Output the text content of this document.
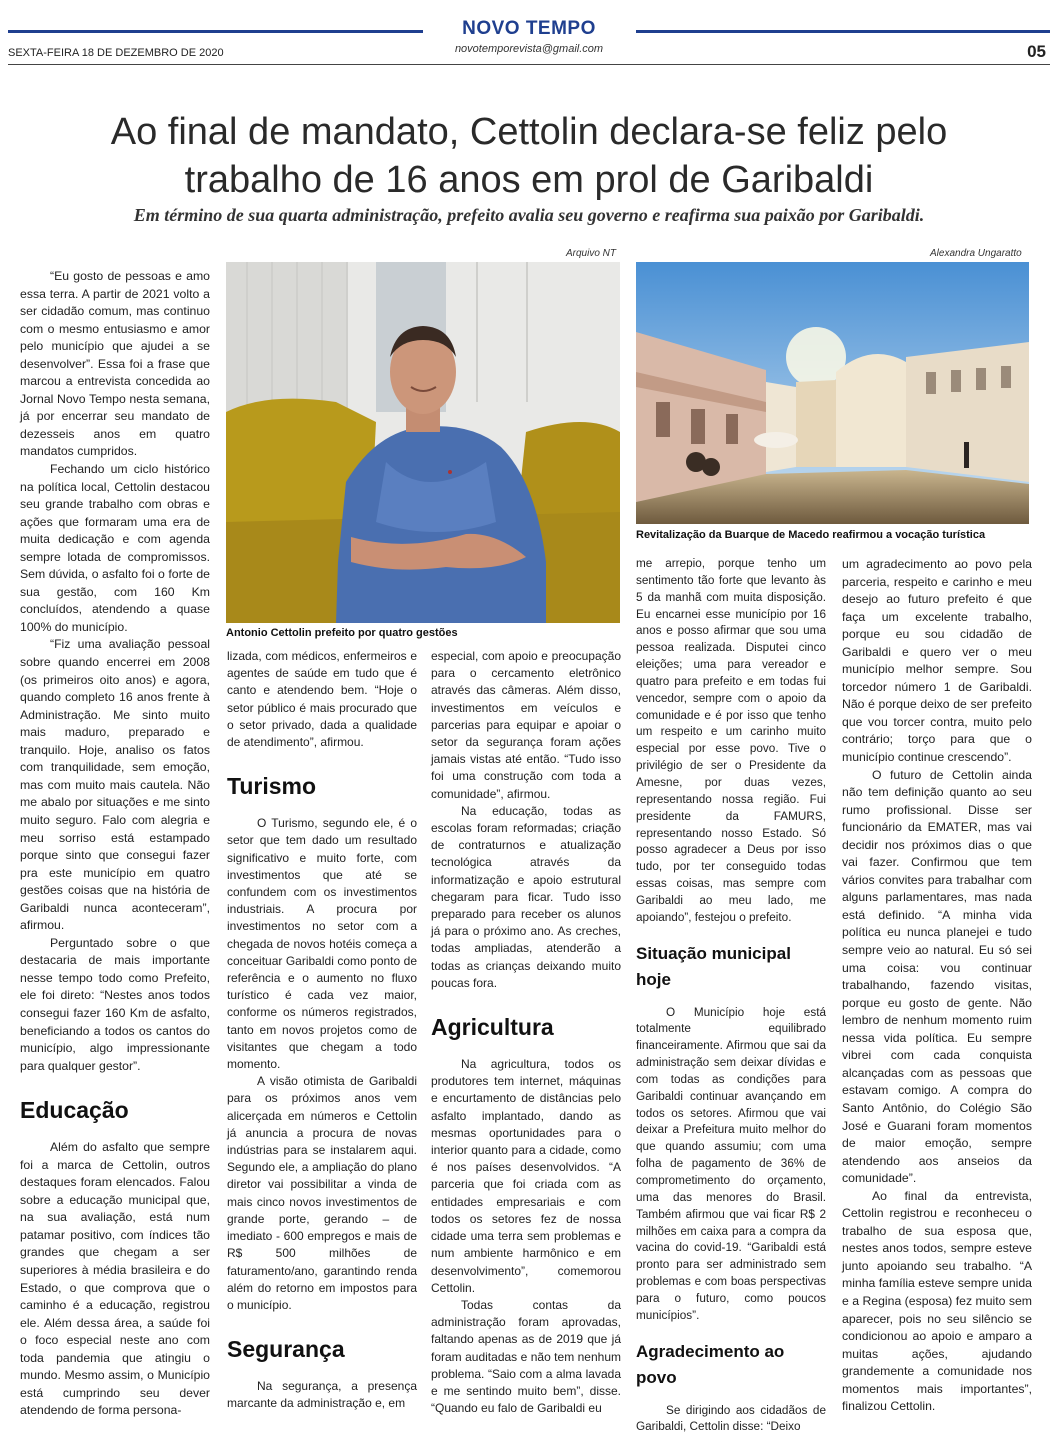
NOVO TEMPO
novotemporevista@gmail.com
SEXTA-FEIRA 18 DE DEZEMBRO DE 2020	05
Ao final de mandato, Cettolin declara-se feliz pelo
trabalho de 16 anos em prol de Garibaldi

Em término de sua quarta administração, prefeito avalia seu governo e reafirma sua paixão por Garibaldi.

Arquivo NT
Antonio Cettolin prefeito por quatro gestões
Alexandra Ungaratto
Revitalização da Buarque de Macedo reafirmou a vocação turística

“Eu gosto de pessoas e amo essa terra. A partir de 2021 volto a ser cidadão comum, mas continuo com o mesmo entusiasmo e amor pelo município que ajudei a se desenvolver”. Essa foi a frase que marcou a entrevista concedida ao Jornal Novo Tempo nesta semana, já por encerrar seu mandato de dezesseis anos em quatro mandatos cumpridos.

Fechando um ciclo histórico na política local, Cettolin destacou seu grande trabalho com obras e ações que formaram uma era de muita dedicação e com agenda sempre lotada de compromissos. Sem dúvida, o asfalto foi o forte de sua gestão, com 160 Km concluídos, atendendo a quase 100% do município.

“Fiz uma avaliação pessoal sobre quando encerrei em 2008 (os primeiros oito anos) e agora, quando completo 16 anos frente à Administração. Me sinto muito mais maduro, preparado e tranquilo. Hoje, analiso os fatos com tranquilidade, sem emoção, mas com muito mais cautela. Não me abalo por situações e me sinto muito seguro. Falo com alegria e meu sorriso está estampado porque sinto que consegui fazer pra este município em quatro gestões coisas que na história de Garibaldi nunca aconteceram”, afirmou.

Perguntado sobre o que destacaria de mais importante nesse tempo todo como Prefeito, ele foi direto: “Nestes anos todos consegui fazer 160 Km de asfalto, beneficiando a todos os cantos do município, algo impressionante para qualquer gestor”.

Educação

Além do asfalto que sempre foi a marca de Cettolin, outros destaques foram elencados. Falou sobre a educação municipal que, na sua avaliação, está num patamar positivo, com índices tão grandes que chegam a ser superiores à média brasileira e do Estado, o que comprova que o caminho é a educação, registrou ele. Além dessa área, a saúde foi o foco especial neste ano com toda pandemia que atingiu o mundo. Mesmo assim, o Município está cumprindo seu dever atendendo de forma persona-

lizada, com médicos, enfermeiros e agentes de saúde em tudo que é canto e atendendo bem. “Hoje o setor público é mais procurado que o setor privado, dada a qualidade de atendimento”, afirmou.

Turismo

O Turismo, segundo ele, é o setor que tem dado um resultado significativo e muito forte, com investimentos que até se confundem com os investimentos industriais. A procura por investimentos no setor com a chegada de novos hotéis começa a conceituar Garibaldi como ponto de referência e o aumento no fluxo turístico é cada vez maior, conforme os números registrados, tanto em novos projetos como de visitantes que chegam a todo momento.

A visão otimista de Garibaldi para os próximos anos vem alicerçada em números e Cettolin já anuncia a procura de novas indústrias para se instalarem aqui. Segundo ele, a ampliação do plano diretor vai possibilitar a vinda de mais cinco novos investimentos de grande porte, gerando – de imediato - 600 empregos e mais de R$ 500 milhões de faturamento/ano, garantindo renda além do retorno em impostos para o município.

Segurança

Na segurança, a presença marcante da administração e, em

especial, com apoio e preocupação para o cercamento eletrônico através das câmeras. Além disso, investimentos em veículos e parcerias para equipar e apoiar o setor da segurança foram ações jamais vistas até então. “Tudo isso foi uma construção com toda a comunidade”, afirmou.

Na educação, todas as escolas foram reformadas; criação de contraturnos e atualização tecnológica através da informatização e apoio estrutural chegaram para ficar. Tudo isso preparado para receber os alunos já para o próximo ano. As creches, todas ampliadas, atenderão a todas as crianças deixando muito poucas fora.

Agricultura

Na agricultura, todos os produtores tem internet, máquinas e encurtamento de distâncias pelo asfalto implantado, dando as mesmas oportunidades para o interior quanto para a cidade, como é nos países desenvolvidos. “A parceria que foi criada com as entidades empresariais e com todos os setores fez de nossa cidade uma terra sem problemas e num ambiente harmônico e em desenvolvimento”, comemorou Cettolin.

Todas contas da administração foram aprovadas, faltando apenas as de 2019 que já foram auditadas e não tem nenhum problema. “Saio com a alma lavada e me sentindo muito bem”, disse. “Quando eu falo de Garibaldi eu

me arrepio, porque tenho um sentimento tão forte que levanto às 5 da manhã com muita disposição. Eu encarnei esse município por 16 anos e posso afirmar que sou uma pessoa realizada. Disputei cinco eleições; uma para vereador e quatro para prefeito e em todas fui vencedor, sempre com o apoio da comunidade e é por isso que tenho um respeito e um carinho muito especial por esse povo. Tive o privilégio de ser o Presidente da Amesne, por duas vezes, representando nossa região. Fui presidente da FAMURS, representando nosso Estado. Só posso agradecer a Deus por isso tudo, por ter conseguido todas essas coisas, mas sempre com Garibaldi ao meu lado, me apoiando”, festejou o prefeito.

Situação municipal hoje

O Município hoje está totalmente equilibrado financeiramente. Afirmou que sai da administração sem deixar dívidas e com todas as condições para Garibaldi continuar avançando em todos os setores. Afirmou que vai deixar a Prefeitura muito melhor do que quando assumiu; com uma folha de pagamento de 36% de comprometimento do orçamento, uma das menores do Brasil. Também afirmou que vai ficar R$ 2 milhões em caixa para a compra da vacina do covid-19. “Garibaldi está pronto para ser administrado sem problemas e com boas perspectivas para o futuro, como poucos municípios”.

Agradecimento ao povo

Se dirigindo aos cidadãos de Garibaldi, Cettolin disse: “Deixo

um agradecimento ao povo pela parceria, respeito e carinho e meu desejo ao futuro prefeito é que faça um excelente trabalho, porque eu sou cidadão de Garibaldi e quero ver o meu município melhor sempre. Sou torcedor número 1 de Garibaldi. Não é porque deixo de ser prefeito que vou torcer contra, muito pelo contrário; torço para que o município continue crescendo”.

O futuro de Cettolin ainda não tem definição quanto ao seu rumo profissional. Disse ser funcionário da EMATER, mas vai decidir nos próximos dias o que vai fazer. Confirmou que tem vários convites para trabalhar com alguns parlamentares, mas nada está definido. “A minha vida política eu nunca planejei e tudo sempre veio ao natural. Eu só sei uma coisa: vou continuar trabalhando, fazendo visitas, porque eu gosto de gente. Não lembro de nenhum momento ruim nessa vida política. Eu sempre vibrei com cada conquista alcançadas com as pessoas que estavam comigo. A compra do Santo Antônio, do Colégio São José e Guarani foram momentos de maior emoção, sempre atendendo aos anseios da comunidade”.

Ao final da entrevista, Cettolin registrou e reconheceu o trabalho de sua esposa que, nestes anos todos, sempre esteve junto apoiando seu trabalho. “A minha família esteve sempre unida e a Regina (esposa) fez muito sem aparecer, pois no seu silêncio se condicionou ao apoio e amparo a muitas ações, ajudando grandemente a comunidade nos momentos mais importantes”, finalizou Cettolin.
